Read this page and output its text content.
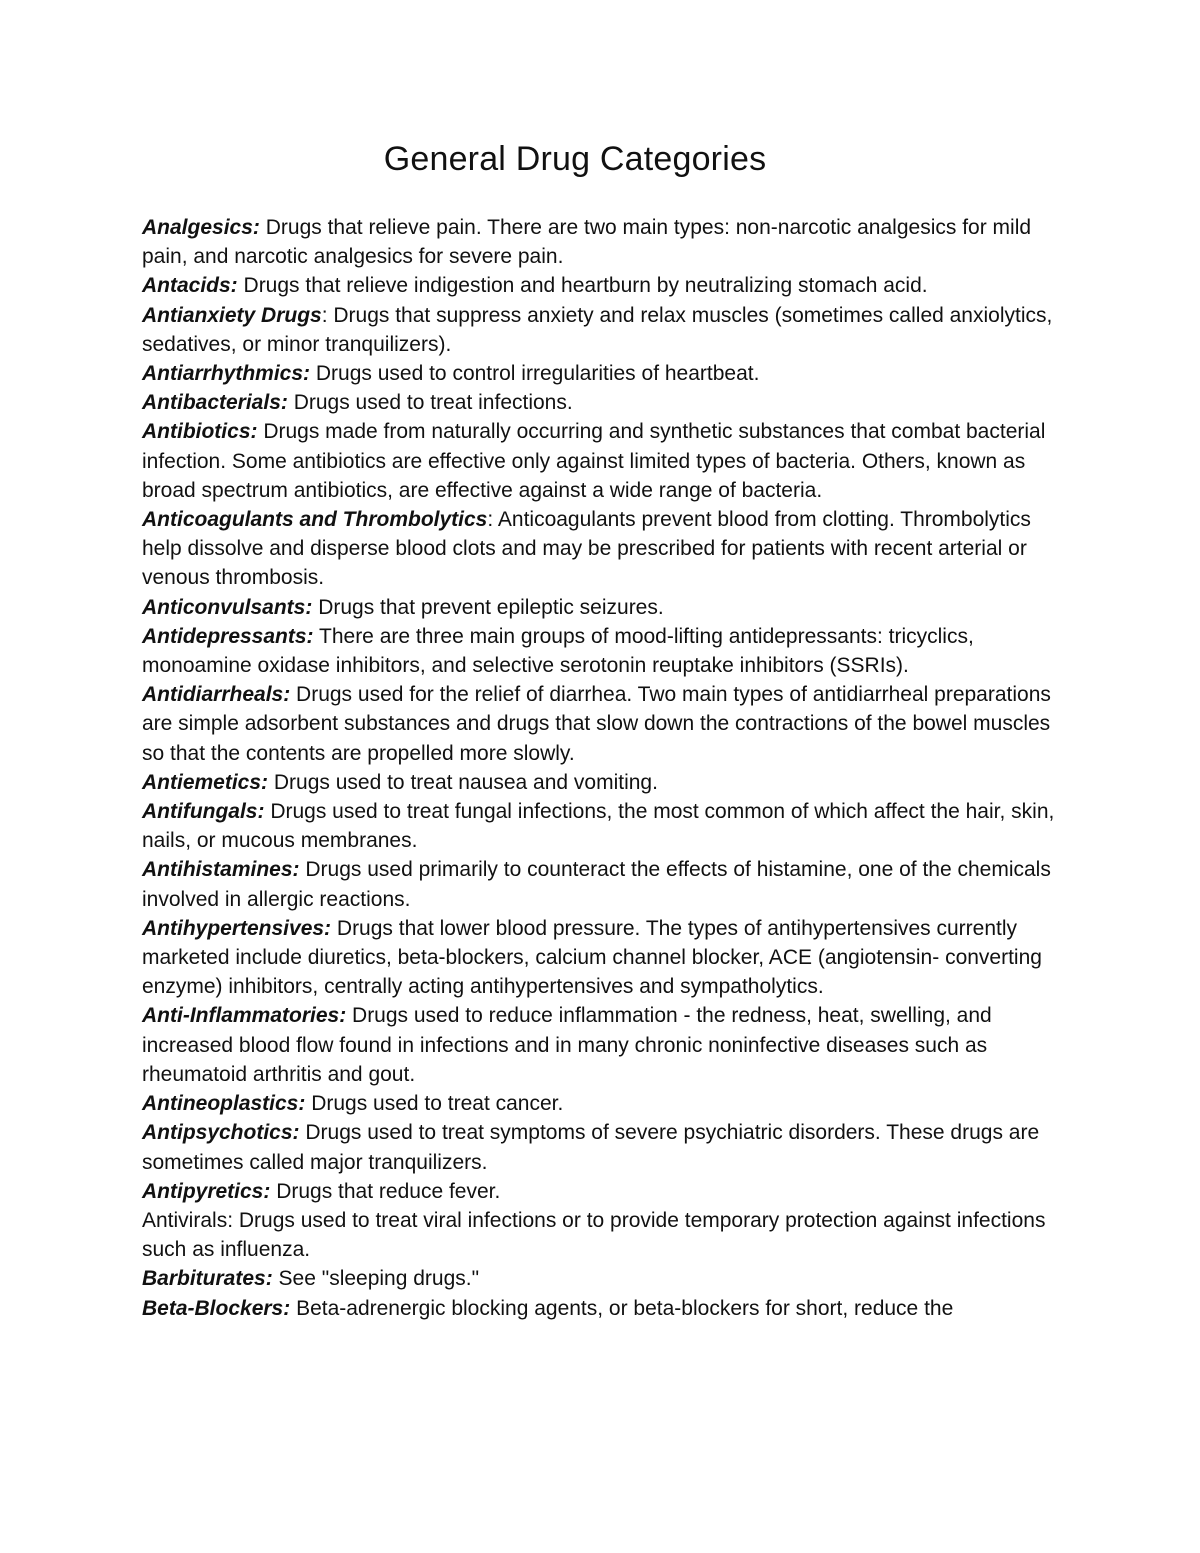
General Drug Categories

Analgesics: Drugs that relieve pain. There are two main types: non-narcotic analgesics for mild pain, and narcotic analgesics for severe pain.

Antacids: Drugs that relieve indigestion and heartburn by neutralizing stomach acid.

Antianxiety Drugs: Drugs that suppress anxiety and relax muscles (sometimes called anxiolytics, sedatives, or minor tranquilizers).

Antiarrhythmics: Drugs used to control irregularities of heartbeat.

Antibacterials: Drugs used to treat infections.

Antibiotics: Drugs made from naturally occurring and synthetic substances that combat bacterial infection. Some antibiotics are effective only against limited types of bacteria. Others, known as broad spectrum antibiotics, are effective against a wide range of bacteria.

Anticoagulants and Thrombolytics: Anticoagulants prevent blood from clotting. Thrombolytics help dissolve and disperse blood clots and may be prescribed for patients with recent arterial or venous thrombosis.

Anticonvulsants: Drugs that prevent epileptic seizures.

Antidepressants: There are three main groups of mood-lifting antidepressants: tricyclics, monoamine oxidase inhibitors, and selective serotonin reuptake inhibitors (SSRIs).

Antidiarrheals: Drugs used for the relief of diarrhea. Two main types of antidiarrheal preparations are simple adsorbent substances and drugs that slow down the contractions of the bowel muscles so that the contents are propelled more slowly.

Antiemetics: Drugs used to treat nausea and vomiting.

Antifungals: Drugs used to treat fungal infections, the most common of which affect the hair, skin, nails, or mucous membranes.

Antihistamines: Drugs used primarily to counteract the effects of histamine, one of the chemicals involved in allergic reactions.

Antihypertensives: Drugs that lower blood pressure. The types of antihypertensives currently marketed include diuretics, beta-blockers, calcium channel blocker, ACE (angiotensin- converting enzyme) inhibitors, centrally acting antihypertensives and sympatholytics.

Anti-Inflammatories: Drugs used to reduce inflammation - the redness, heat, swelling, and increased blood flow found in infections and in many chronic noninfective diseases such as rheumatoid arthritis and gout.

Antineoplastics: Drugs used to treat cancer.

Antipsychotics: Drugs used to treat symptoms of severe psychiatric disorders. These drugs are sometimes called major tranquilizers.

Antipyretics: Drugs that reduce fever.

Antivirals: Drugs used to treat viral infections or to provide temporary protection against infections such as influenza.

Barbiturates: See "sleeping drugs."

Beta-Blockers: Beta-adrenergic blocking agents, or beta-blockers for short, reduce the
